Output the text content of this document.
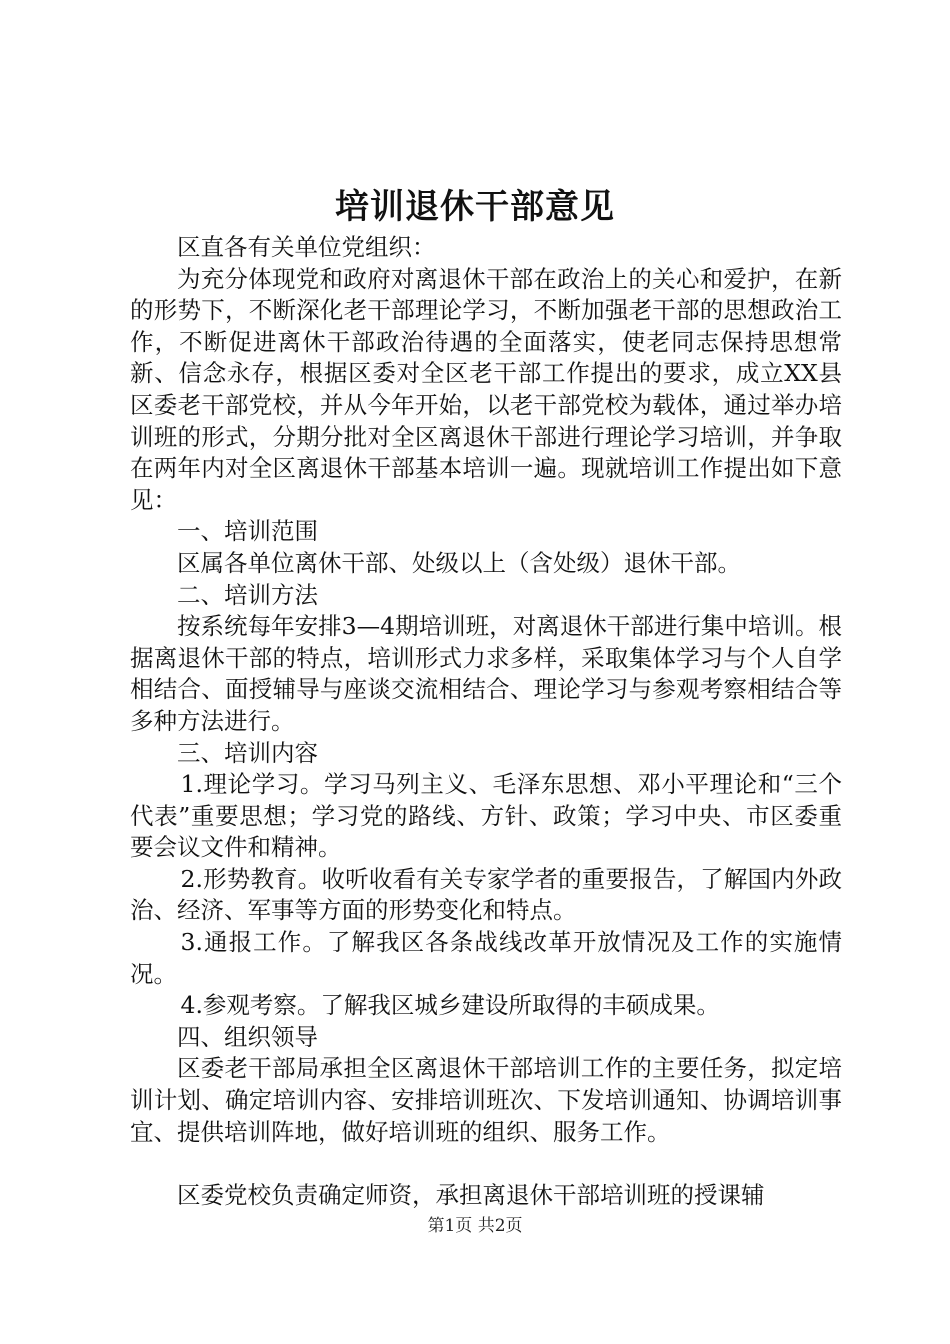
培训退休干部意见

区直各有关单位党组织：

为充分体现党和政府对离退休干部在政治上的关心和爱护，在新的形势下，不断深化老干部理论学习，不断加强老干部的思想政治工作，不断促进离休干部政治待遇的全面落实，使老同志保持思想常新、信念永存，根据区委对全区老干部工作提出的要求，成立XX县区委老干部党校，并从今年开始，以老干部党校为载体，通过举办培训班的形式，分期分批对全区离退休干部进行理论学习培训，并争取在两年内对全区离退休干部基本培训一遍。现就培训工作提出如下意见：

一、培训范围

区属各单位离休干部、处级以上（含处级）退休干部。

二、培训方法

按系统每年安排3—4期培训班，对离退休干部进行集中培训。根据离退休干部的特点，培训形式力求多样，采取集体学习与个人自学相结合、面授辅导与座谈交流相结合、理论学习与参观考察相结合等多种方法进行。

三、培训内容

1.理论学习。学习马列主义、毛泽东思想、邓小平理论和“三个代表”重要思想；学习党的路线、方针、政策；学习中央、市区委重要会议文件和精神。

2.形势教育。收听收看有关专家学者的重要报告，了解国内外政治、经济、军事等方面的形势变化和特点。

3.通报工作。了解我区各条战线改革开放情况及工作的实施情况。

4.参观考察。了解我区城乡建设所取得的丰硕成果。

四、组织领导

区委老干部局承担全区离退休干部培训工作的主要任务，拟定培训计划、确定培训内容、安排培训班次、下发培训通知、协调培训事宜、提供培训阵地，做好培训班的组织、服务工作。

区委党校负责确定师资，承担离退休干部培训班的授课辅

第1页 共2页
